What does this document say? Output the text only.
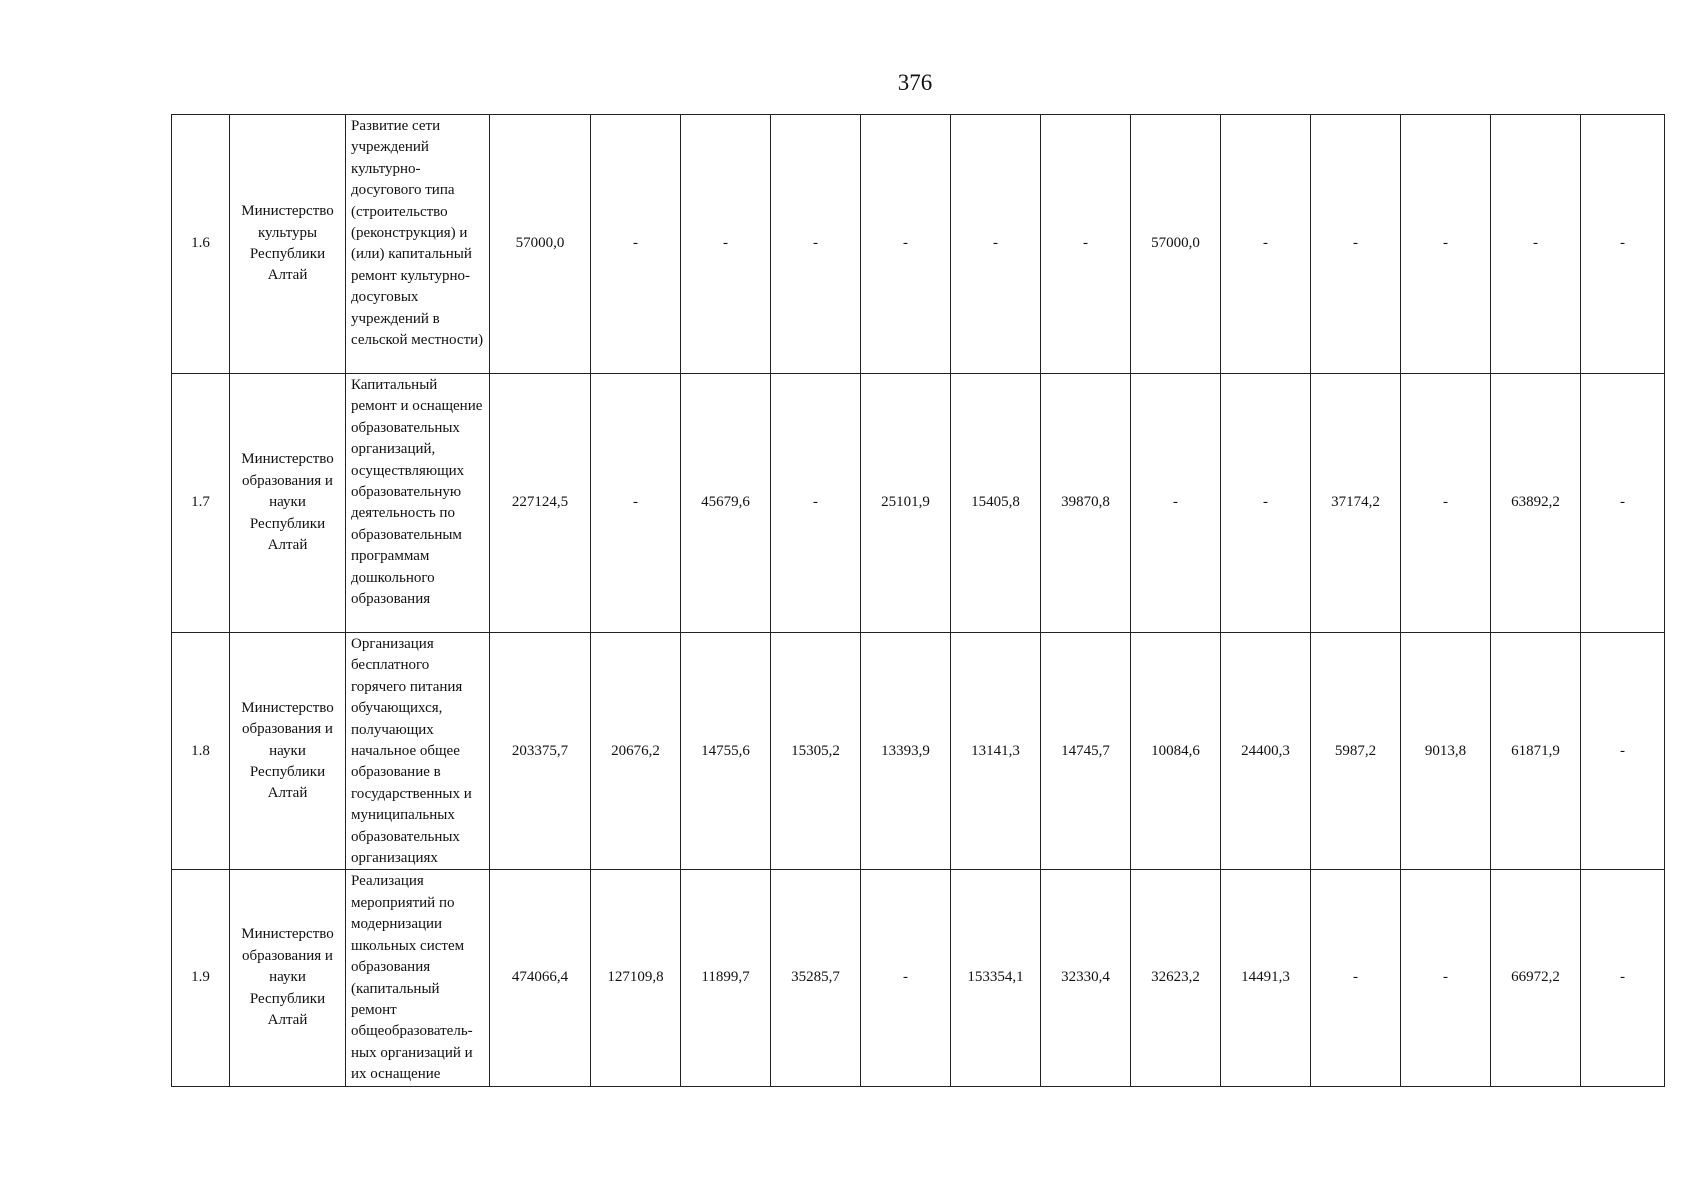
376
1.6	Министерство культуры Республики Алтай	Развитие сети учреждений культурно-досугового типа (строительство (реконструкция) и (или) капитальный ремонт культурно-досуговых учреждений в сельской местности)	57000,0	-	-	-	-	-	-	57000,0	-	-	-	-	-
1.7	Министерство образования и науки Республики Алтай	Капитальный ремонт и оснащение образовательных организаций, осуществляющих образовательную деятельность по образовательным программам дошкольного образования	227124,5	-	45679,6	-	25101,9	15405,8	39870,8	-	-	37174,2	-	63892,2	-
1.8	Министерство образования и науки Республики Алтай	Организация бесплатного горячего питания обучающихся, получающих начальное общее образование в государственных и муниципальных образовательных организациях	203375,7	20676,2	14755,6	15305,2	13393,9	13141,3	14745,7	10084,6	24400,3	5987,2	9013,8	61871,9	-
1.9	Министерство образования и науки Республики Алтай	Реализация мероприятий по модернизации школьных систем образования (капитальный ремонт общеобразователь-ных организаций и их оснащение	474066,4	127109,8	11899,7	35285,7	-	153354,1	32330,4	32623,2	14491,3	-	-	66972,2	-
